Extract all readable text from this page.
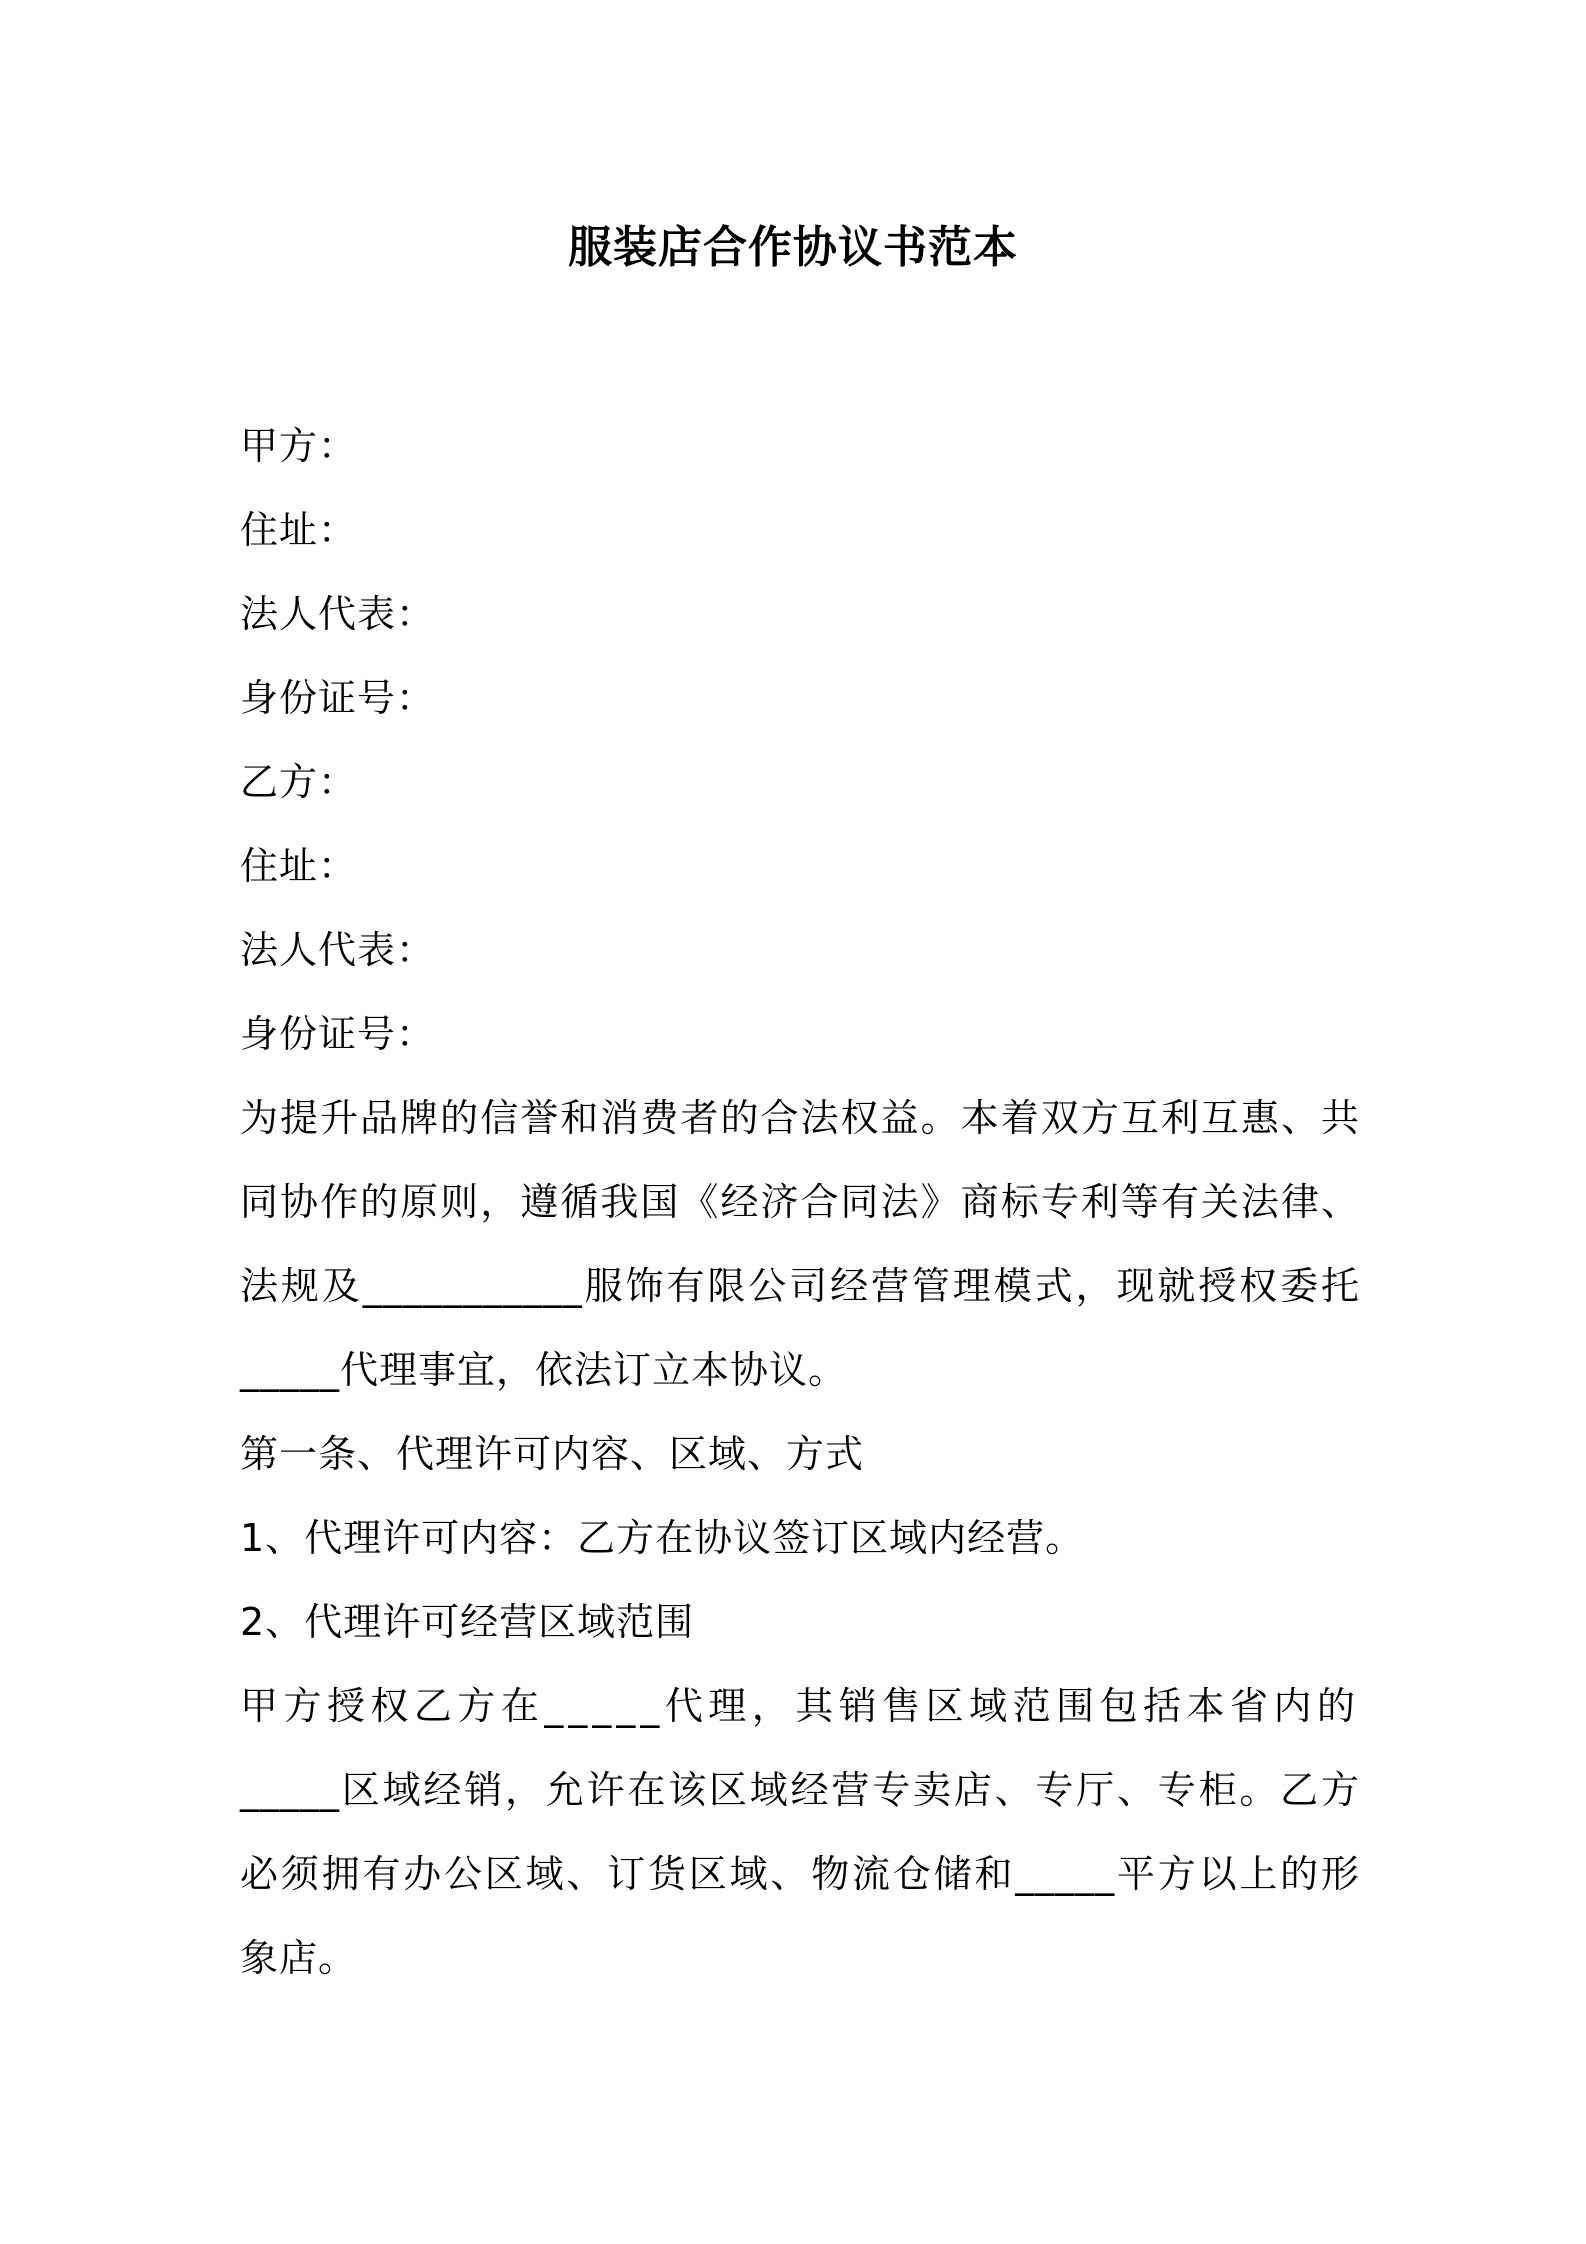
服装店合作协议书范本
甲方：
住址：
法人代表：
身份证号：
乙方：
住址：
法人代表：
身份证号：
为提升品牌的信誉和消费者的合法权益。本着双方互利互惠、共
同协作的原则，遵循我国《经济合同法》商标专利等有关法律、
法规及___________服饰有限公司经营管理模式，现就授权委托
_____代理事宜，依法订立本协议。
第一条、代理许可内容、区域、方式
1、代理许可内容：乙方在协议签订区域内经营。
2、代理许可经营区域范围
甲方授权乙方在_____代理，其销售区域范围包括本省内的
_____区域经销，允许在该区域经营专卖店、专厅、专柜。乙方
必须拥有办公区域、订货区域、物流仓储和_____平方以上的形
象店。
